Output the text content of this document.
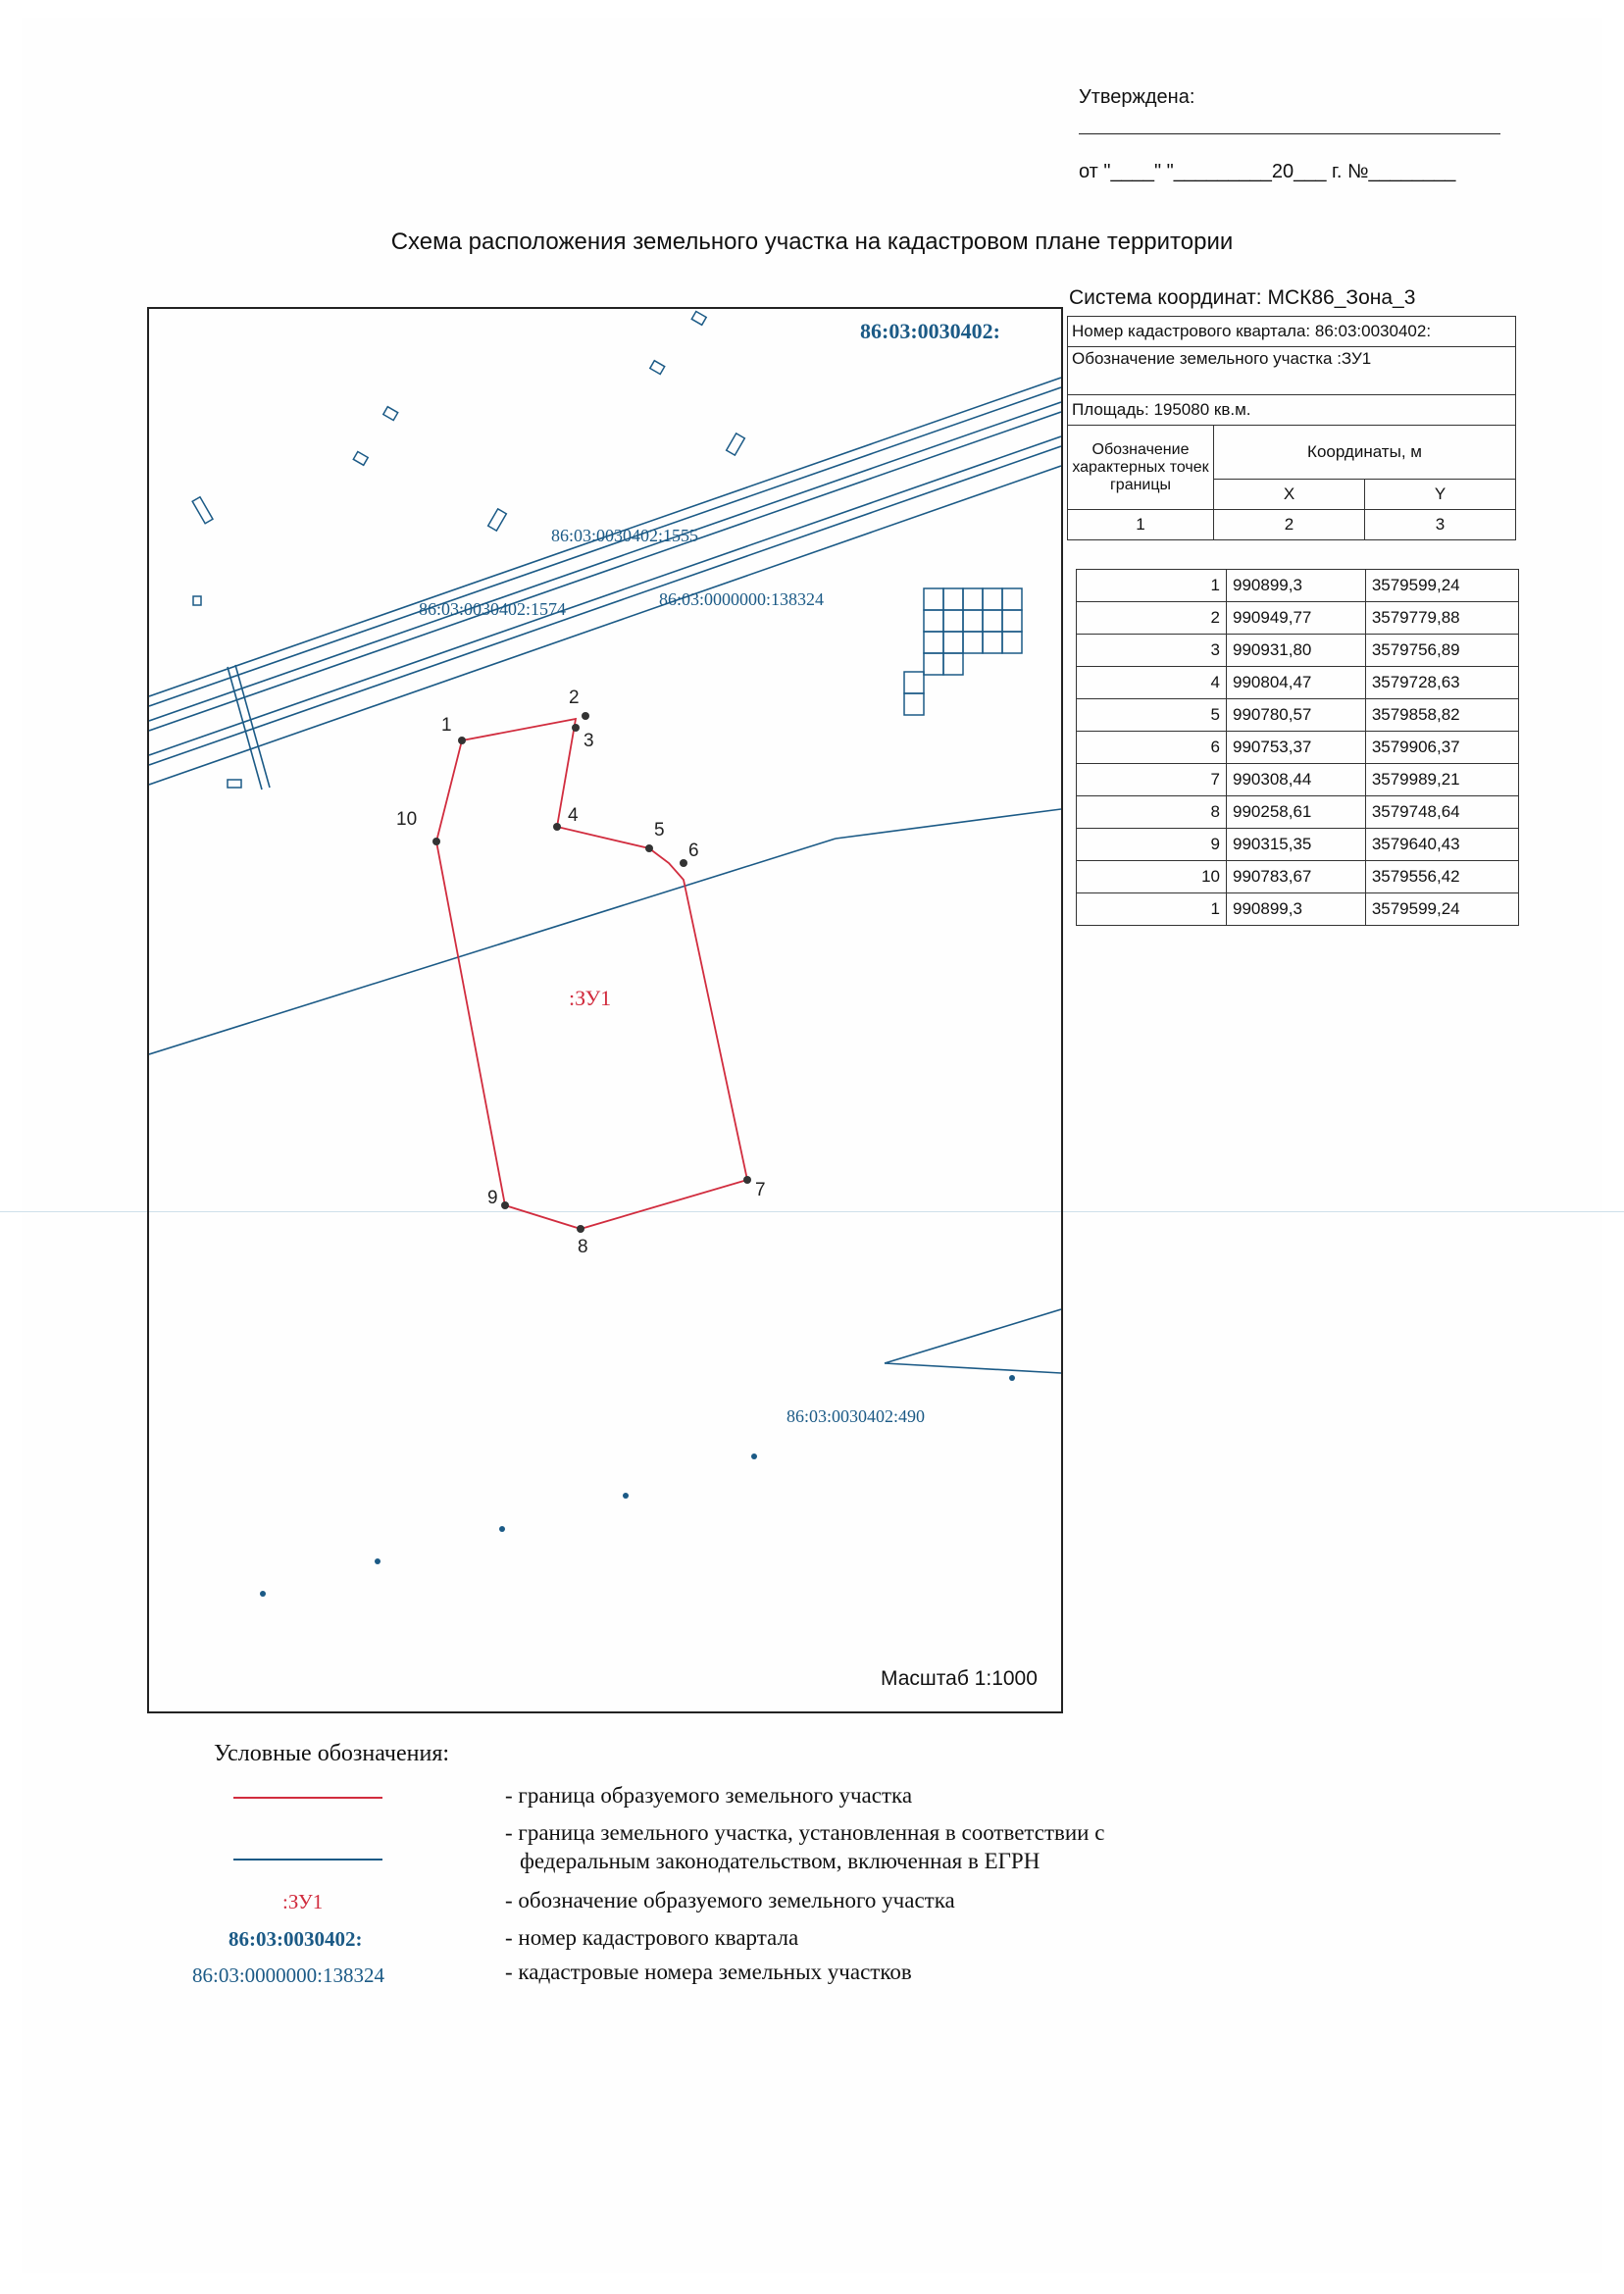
Утверждена:
от "____" "_________20___ г. №________
Схема расположения земельного участка на кадастровом плане территории
Система координат: МСК86_Зона_3
Номер кадастрового квартала: 86:03:0030402:		
Обозначение земельного участка :ЗУ1		
Площадь: 195080 кв.м.		
Обозначение характерных точек границы	Координаты, м	
	X	Y
1	2	3
1	990899,3	3579599,24
2	990949,77	3579779,88
3	990931,80	3579756,89
4	990804,47	3579728,63
5	990780,57	3579858,82
6	990753,37	3579906,37
7	990308,44	3579989,21
8	990258,61	3579748,64
9	990315,35	3579640,43
10	990783,67	3579556,42
1	990899,3	3579599,24
1
2
3
4
5
6
7
8
9
10
86:03:0030402:
86:03:0030402:1555
86:03:0030402:1574	86:03:0000000:138324
86:03:0030402:490
:ЗУ1
Масштаб 1:1000
Условные обозначения:
- граница образуемого земельного участка
- граница земельного участка, установленная в соответствии с
федеральным законодательством, включенная в ЕГРН
:ЗУ1	- обозначение образуемого земельного участка
86:03:0030402:	- номер кадастрового квартала
86:03:0000000:138324	- кадастровые номера земельных участков
